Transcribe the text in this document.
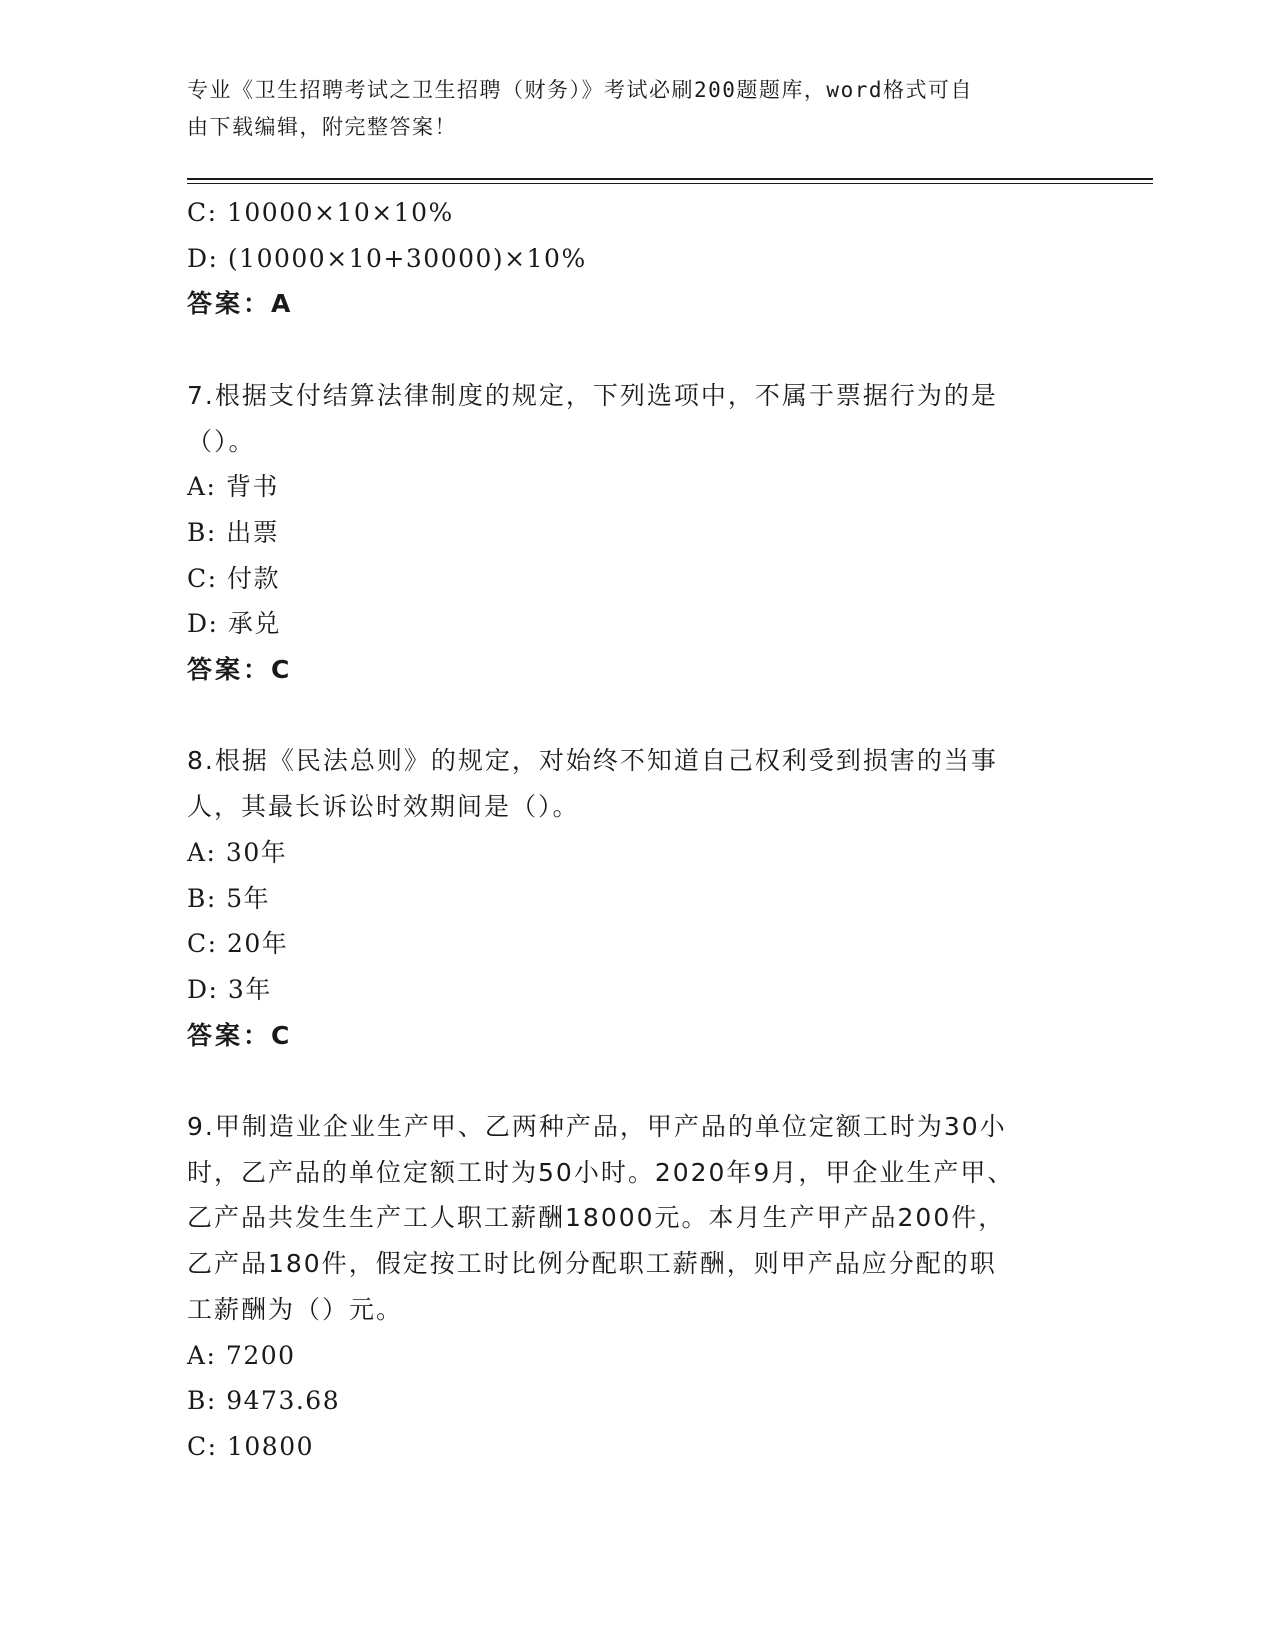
专业《卫生招聘考试之卫生招聘（财务）》考试必刷200题题库，word格式可自
由下载编辑，附完整答案！
C: 10000×10×10%
D: (10000×10+30000)×10%
答案：A
7.根据支付结算法律制度的规定，下列选项中，不属于票据行为的是
（）。
A: 背书
B: 出票
C: 付款
D: 承兑
答案：C
8.根据《民法总则》的规定，对始终不知道自己权利受到损害的当事
人，其最长诉讼时效期间是（）。
A: 30年
B: 5年
C: 20年
D: 3年
答案：C
9.甲制造业企业生产甲、乙两种产品，甲产品的单位定额工时为30小
时，乙产品的单位定额工时为50小时。2020年9月，甲企业生产甲、
乙产品共发生生产工人职工薪酬18000元。本月生产甲产品200件，
乙产品180件，假定按工时比例分配职工薪酬，则甲产品应分配的职
工薪酬为（）元。
A: 7200
B: 9473.68
C: 10800
